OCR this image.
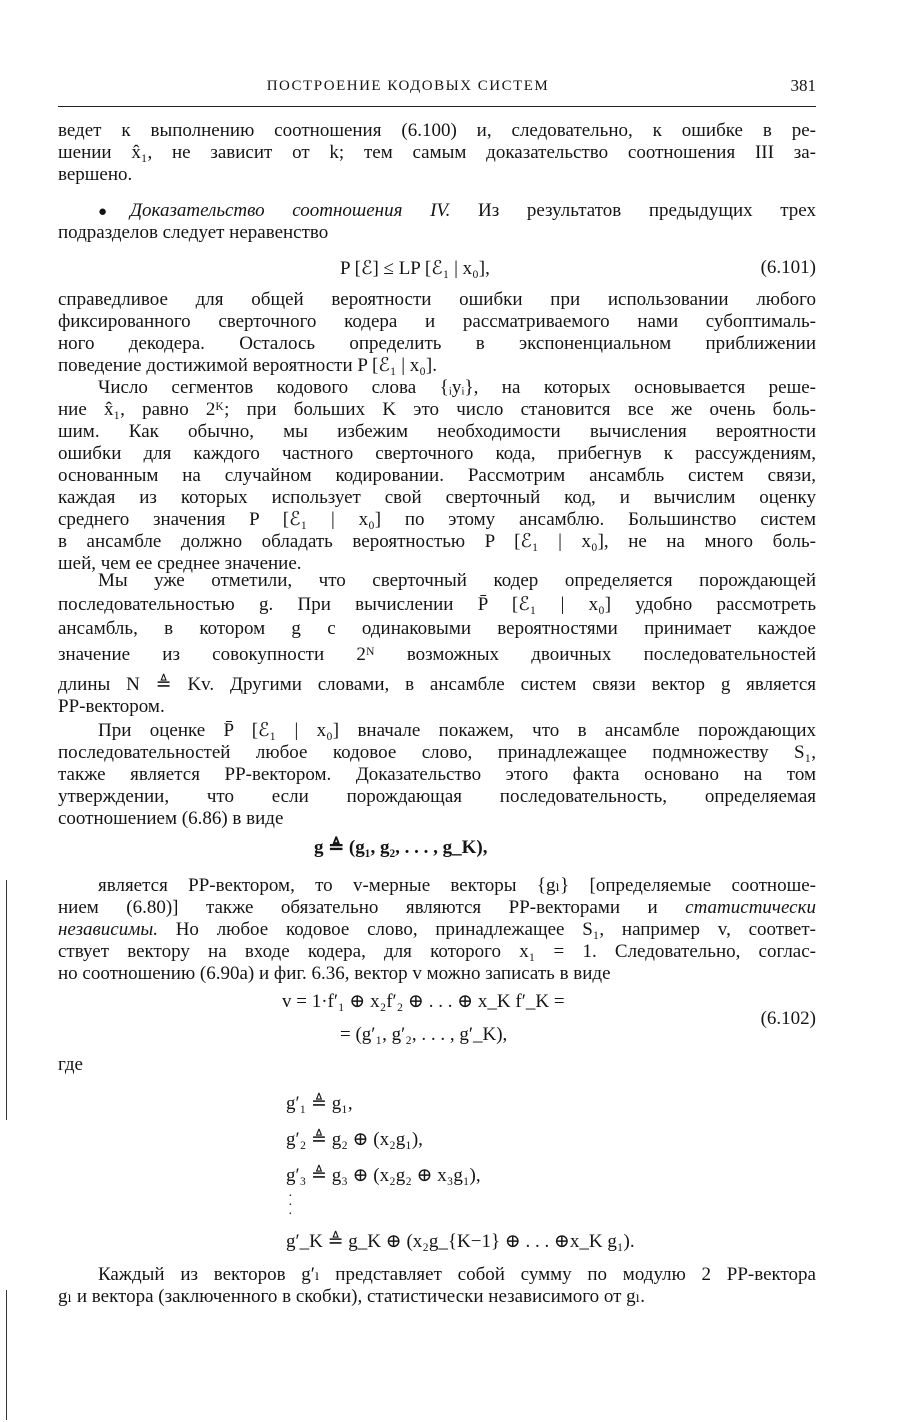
ПОСТРОЕНИЕ КОДОВЫХ СИСТЕМ	381
ведет к выполнению соотношения (6.100) и, следовательно, к ошибке в ре-
шении x̂₁, не зависит от k; тем самым доказательство соотношения III за-
вершено.
●Доказательство соотношения IV. Из результатов предыдущих трех
подразделов следует неравенство
P [ℰ] ≤ LP [ℰ₁ | x₀],	(6.101)
справедливое для общей вероятности ошибки при использовании любого
фиксированного сверточного кодера и рассматриваемого нами субоптималь-
ного декодера. Осталось определить в экспоненциальном приближении
поведение достижимой вероятности P [ℰ₁ | x₀].
Число сегментов кодового слова {ᵢyᵢ}, на которых основывается реше-
ние x̂₁, равно 2ᴷ; при больших K это число становится все же очень боль-
шим. Как обычно, мы избежим необходимости вычисления вероятности
ошибки для каждого частного сверточного кода, прибегнув к рассуждениям,
основанным на случайном кодировании. Рассмотрим ансамбль систем связи,
каждая из которых использует свой сверточный код, и вычислим оценку
среднего значения P [ℰ₁ | x₀] по этому ансамблю. Большинство систем
в ансамбле должно обладать вероятностью P [ℰ₁ | x₀], не на много боль-
шей, чем ее среднее значение.
Мы уже отметили, что сверточный кодер определяется порождающей
последовательностью g. При вычислении P̄ [ℰ₁ | x₀] удобно рассмотреть
ансамбль, в котором g с одинаковыми вероятностями принимает каждое
значение из совокупности 2ᴺ возможных двоичных последовательностей
длины N ≜ Kv. Другими словами, в ансамбле систем связи вектор g является
PP-вектором.
При оценке P̄ [ℰ₁ | x₀] вначале покажем, что в ансамбле порождающих
последовательностей любое кодовое слово, принадлежащее подмножеству S₁,
также является PP-вектором. Доказательство этого факта основано на том
утверждении, что если порождающая последовательность, определяемая
соотношением (6.86) в виде
g ≜ (g₁, g₂, . . . , g_K),
является PP-вектором, то v-мерные векторы {gₗ} [определяемые соотноше-
нием (6.80)] также обязательно являются PP-векторами и статистически
независимы. Но любое кодовое слово, принадлежащее S₁, например v, соответ-
ствует вектору на входе кодера, для которого x₁ = 1. Следовательно, соглас-
но соотношению (6.90a) и фиг. 6.36, вектор v можно записать в виде
v = 1·f′₁ ⊕ x₂f′₂ ⊕ . . . ⊕ x_K f′_K =
= (g′₁, g′₂, . . . , g′_K),
(6.102)
где
g′₁ ≜ g₁,
g′₂ ≜ g₂ ⊕ (x₂g₁),
g′₃ ≜ g₃ ⊕ (x₂g₂ ⊕ x₃g₁),
·
·
·
g′_K ≜ g_K ⊕ (x₂g_{K−1} ⊕ . . . ⊕x_K g₁).
Каждый из векторов g′ₗ представляет собой сумму по модулю 2 PP-вектора
gₗ и вектора (заключенного в скобки), статистически независимого от gₗ.
